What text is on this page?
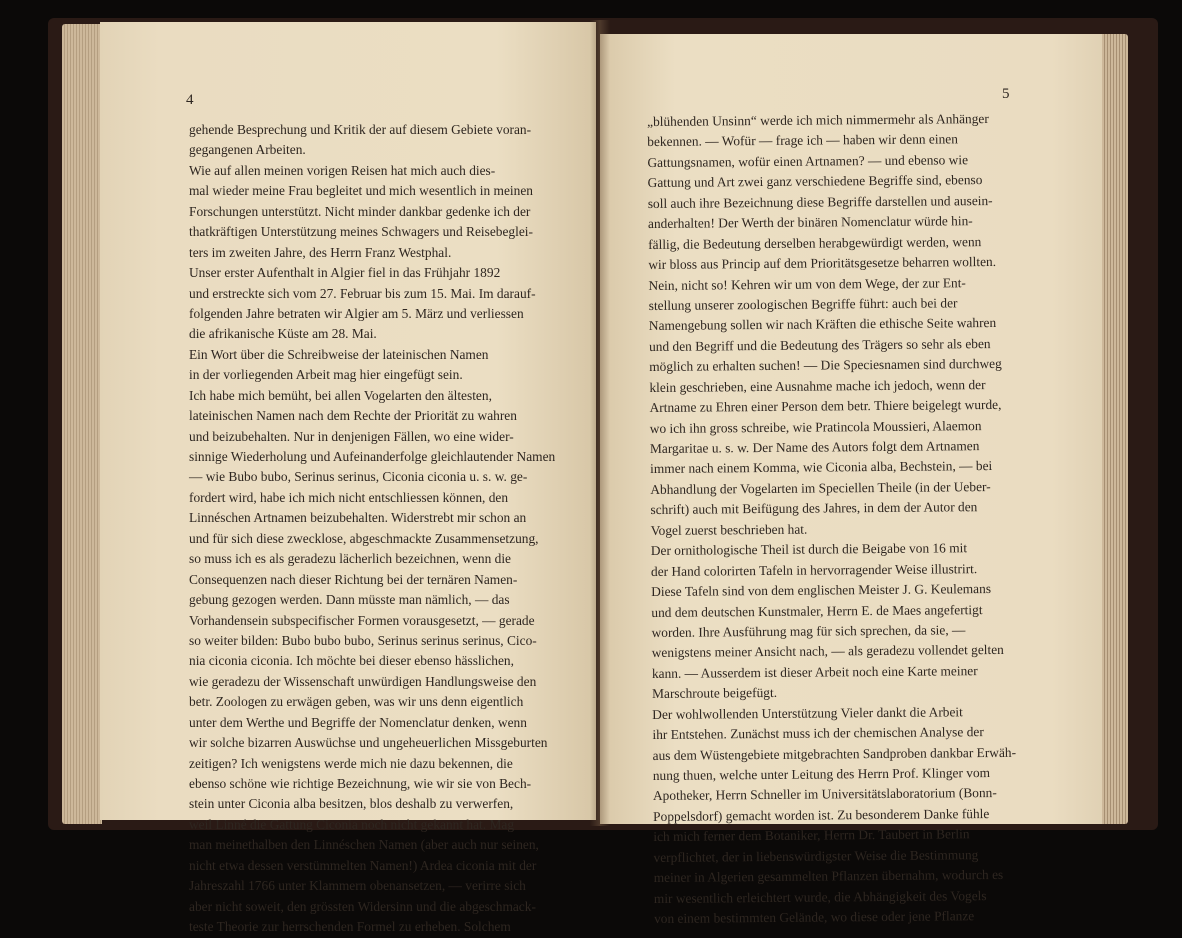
4
gehende Besprechung und Kritik der auf diesem Gebiete voran-
gegangenen Arbeiten.
Wie auf allen meinen vorigen Reisen hat mich auch dies-
mal wieder meine Frau begleitet und mich wesentlich in meinen
Forschungen unterstützt. Nicht minder dankbar gedenke ich der
thatkräftigen Unterstützung meines Schwagers und Reisebeglei-
ters im zweiten Jahre, des Herrn Franz Westphal.
Unser erster Aufenthalt in Algier fiel in das Frühjahr 1892
und erstreckte sich vom 27. Februar bis zum 15. Mai. Im darauf-
folgenden Jahre betraten wir Algier am 5. März und verliessen
die afrikanische Küste am 28. Mai.
Ein Wort über die Schreibweise der lateinischen Namen
in der vorliegenden Arbeit mag hier eingefügt sein.
Ich habe mich bemüht, bei allen Vogelarten den ältesten,
lateinischen Namen nach dem Rechte der Priorität zu wahren
und beizubehalten. Nur in denjenigen Fällen, wo eine wider-
sinnige Wiederholung und Aufeinanderfolge gleichlautender Namen
— wie Bubo bubo, Serinus serinus, Ciconia ciconia u. s. w. ge-
fordert wird, habe ich mich nicht entschliessen können, den
Linnéschen Artnamen beizubehalten. Widerstrebt mir schon an
und für sich diese zwecklose, abgeschmackte Zusammensetzung,
so muss ich es als geradezu lächerlich bezeichnen, wenn die
Consequenzen nach dieser Richtung bei der ternären Namen-
gebung gezogen werden. Dann müsste man nämlich, — das
Vorhandensein subspecifischer Formen vorausgesetzt, — gerade
so weiter bilden: Bubo bubo bubo, Serinus serinus serinus, Cico-
nia ciconia ciconia. Ich möchte bei dieser ebenso hässlichen,
wie geradezu der Wissenschaft unwürdigen Handlungsweise den
betr. Zoologen zu erwägen geben, was wir uns denn eigentlich
unter dem Werthe und Begriffe der Nomenclatur denken, wenn
wir solche bizarren Auswüchse und ungeheuerlichen Missgeburten
zeitigen? Ich wenigstens werde mich nie dazu bekennen, die
ebenso schöne wie richtige Bezeichnung, wie wir sie von Bech-
stein unter Ciconia alba besitzen, blos deshalb zu verwerfen,
weil Linné die Gattung Ciconia noch nicht gekannt hat. Mag
man meinethalben den Linnéschen Namen (aber auch nur seinen,
nicht etwa dessen verstümmelten Namen!) Ardea ciconia mit der
Jahreszahl 1766 unter Klammern obenansetzen, — verirre sich
aber nicht soweit, den grössten Widersinn und die abgeschmack-
teste Theorie zur herrschenden Formel zu erheben. Solchem
5
„blühenden Unsinn“ werde ich mich nimmermehr als Anhänger
bekennen. — Wofür — frage ich — haben wir denn einen
Gattungsnamen, wofür einen Artnamen? — und ebenso wie
Gattung und Art zwei ganz verschiedene Begriffe sind, ebenso
soll auch ihre Bezeichnung diese Begriffe darstellen und ausein-
anderhalten! Der Werth der binären Nomenclatur würde hin-
fällig, die Bedeutung derselben herabgewürdigt werden, wenn
wir bloss aus Princip auf dem Prioritätsgesetze beharren wollten.
Nein, nicht so! Kehren wir um von dem Wege, der zur Ent-
stellung unserer zoologischen Begriffe führt: auch bei der
Namengebung sollen wir nach Kräften die ethische Seite wahren
und den Begriff und die Bedeutung des Trägers so sehr als eben
möglich zu erhalten suchen! — Die Speciesnamen sind durchweg
klein geschrieben, eine Ausnahme mache ich jedoch, wenn der
Artname zu Ehren einer Person dem betr. Thiere beigelegt wurde,
wo ich ihn gross schreibe, wie Pratincola Moussieri, Alaemon
Margaritae u. s. w. Der Name des Autors folgt dem Artnamen
immer nach einem Komma, wie Ciconia alba, Bechstein, — bei
Abhandlung der Vogelarten im Speciellen Theile (in der Ueber-
schrift) auch mit Beifügung des Jahres, in dem der Autor den
Vogel zuerst beschrieben hat.
Der ornithologische Theil ist durch die Beigabe von 16 mit
der Hand colorirten Tafeln in hervorragender Weise illustrirt.
Diese Tafeln sind von dem englischen Meister J. G. Keulemans
und dem deutschen Kunstmaler, Herrn E. de Maes angefertigt
worden. Ihre Ausführung mag für sich sprechen, da sie, —
wenigstens meiner Ansicht nach, — als geradezu vollendet gelten
kann. — Ausserdem ist dieser Arbeit noch eine Karte meiner
Marschroute beigefügt.
Der wohlwollenden Unterstützung Vieler dankt die Arbeit
ihr Entstehen. Zunächst muss ich der chemischen Analyse der
aus dem Wüstengebiete mitgebrachten Sandproben dankbar Erwäh-
nung thuen, welche unter Leitung des Herrn Prof. Klinger vom
Apotheker, Herrn Schneller im Universitätslaboratorium (Bonn-
Poppelsdorf) gemacht worden ist. Zu besonderem Danke fühle
ich mich ferner dem Botaniker, Herrn Dr. Taubert in Berlin
verpflichtet, der in liebenswürdigster Weise die Bestimmung
meiner in Algerien gesammelten Pflanzen übernahm, wodurch es
mir wesentlich erleichtert wurde, die Abhängigkeit des Vogels
von einem bestimmten Gelände, wo diese oder jene Pflanze
